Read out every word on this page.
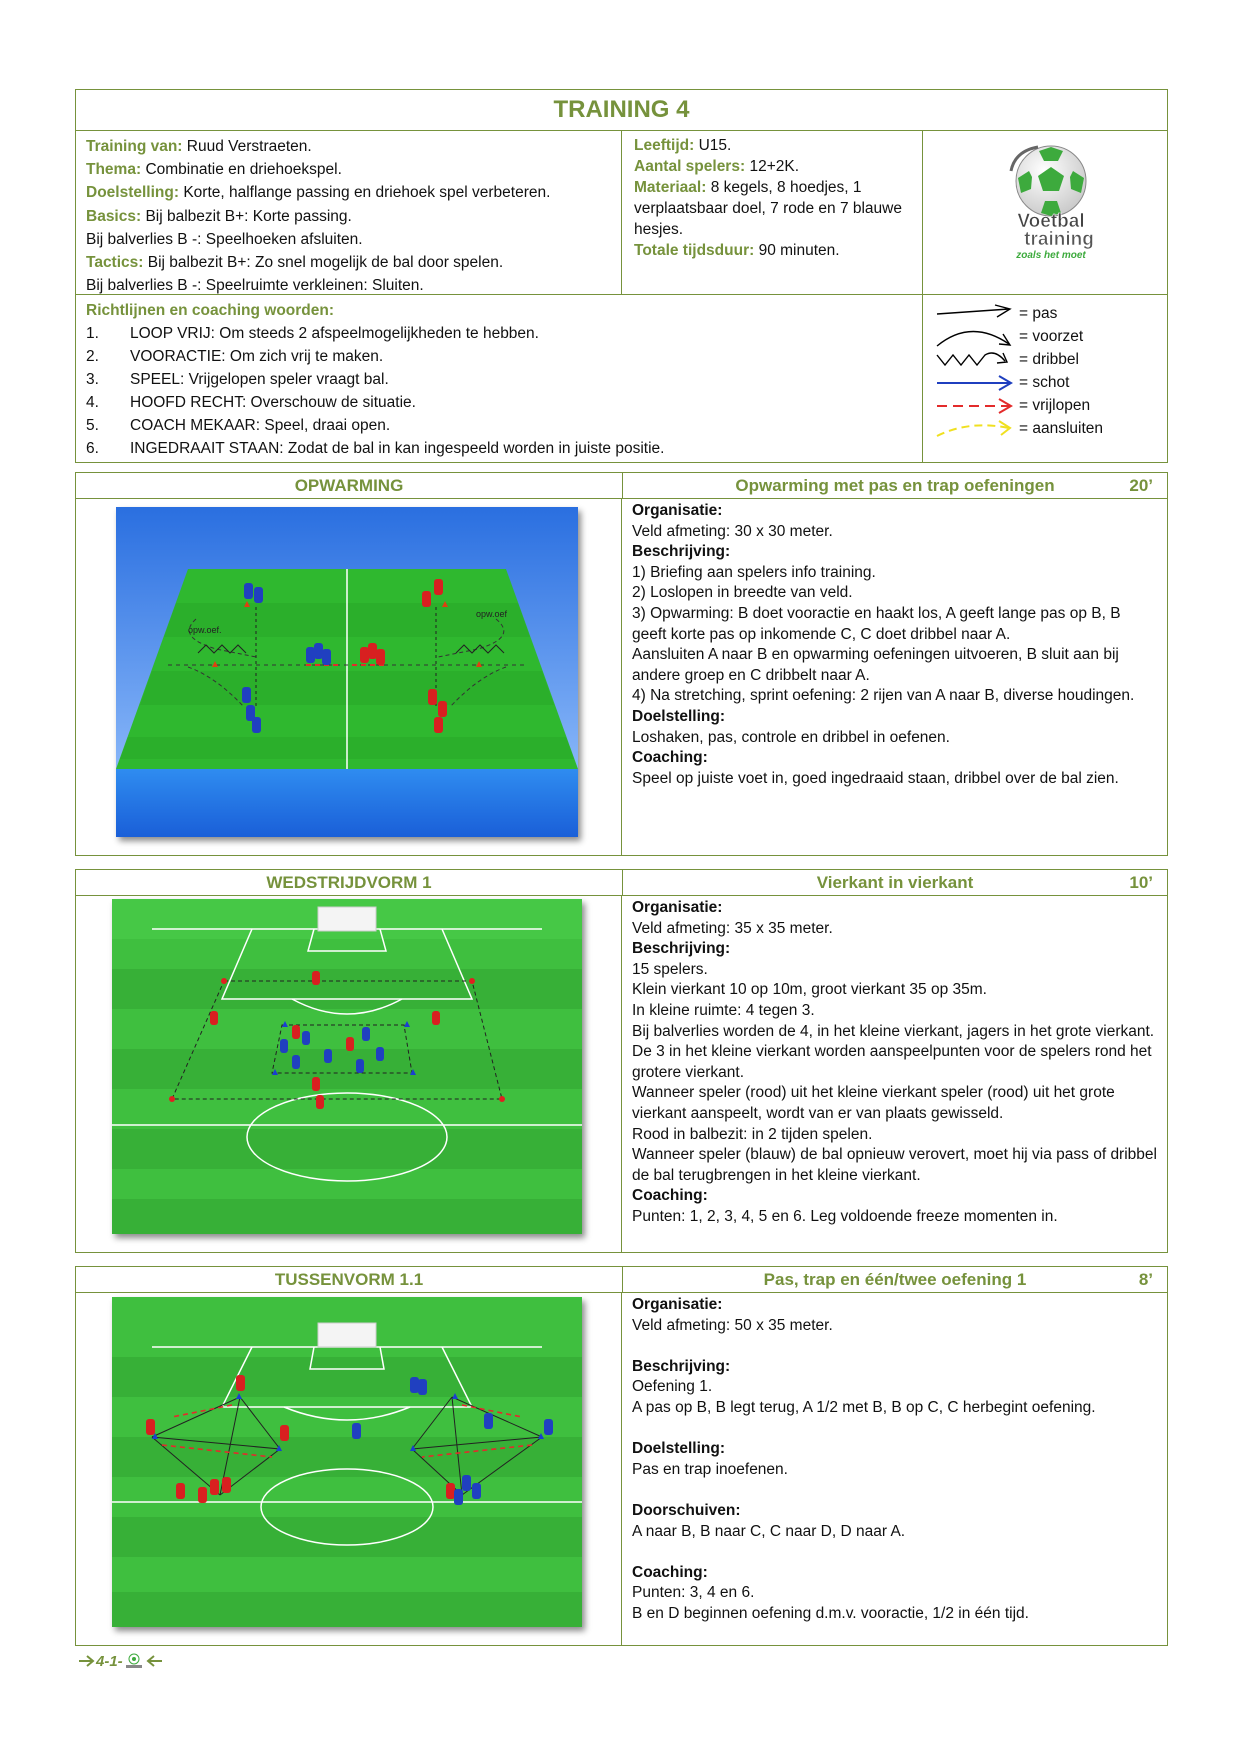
TRAINING 4
Training van: Ruud Verstraeten.
Thema: Combinatie en driehoekspel.
Doelstelling: Korte, halflange passing en driehoek spel verbeteren.
Basics: Bij balbezit B+: Korte passing.
Bij balverlies B -: Speelhoeken afsluiten.
Tactics: Bij balbezit B+: Zo snel mogelijk de bal door spelen.
Bij balverlies B -: Speelruimte verkleinen: Sluiten.
Leeftijd: U15.
Aantal spelers: 12+2K.
Materiaal: 8 kegels, 8 hoedjes, 1 verplaatsbaar doel, 7 rode en 7 blauwe hesjes.
Totale tijdsduur: 90 minuten.
Voetbal
training
zoals het moet
Richtlijnen en coaching woorden:
1.	LOOP VRIJ: Om steeds 2 afspeelmogelijkheden te hebben.
2.	VOORACTIE: Om zich vrij te maken.
3.	SPEEL: Vrijgelopen speler vraagt bal.
4.	HOOFD RECHT: Overschouw de situatie.
5.	COACH MEKAAR: Speel, draai open.
6.	INGEDRAAIT STAAN: Zodat de bal in kan ingespeeld worden in juiste positie.
= pas
= voorzet
= dribbel
= schot
= vrijlopen
= aansluiten
OPWARMING	Opwarming met pas en trap oefeningen	20’
opw.oef.
opw.oef

Organisatie:

Veld afmeting: 30 x 30 meter.

Beschrijving:

1) Briefing aan spelers info training.

2) Loslopen in breedte van veld.

3) Opwarming: B doet vooractie en haakt los, A geeft lange pas op B, B geeft korte pas op inkomende C, C doet dribbel naar A.

Aansluiten A naar B en opwarming oefeningen uitvoeren, B sluit aan bij andere groep en C dribbelt naar A.

4) Na stretching, sprint oefening: 2 rijen van A naar B, diverse houdingen.

Doelstelling:

Loshaken, pas, controle en dribbel in oefenen.

Coaching:

Speel op juiste voet in, goed ingedraaid staan, dribbel over de bal zien.

WEDSTRIJDVORM 1	Vierkant in vierkant	10’

Organisatie:

Veld afmeting: 35 x 35 meter.

Beschrijving:

15 spelers.

Klein vierkant 10 op 10m, groot vierkant 35 op 35m.

In kleine ruimte: 4 tegen 3.

Bij balverlies worden de 4, in het kleine vierkant, jagers in het grote vierkant.

De 3 in het kleine vierkant worden aanspeelpunten voor de spelers rond het grotere vierkant.

Wanneer speler (rood) uit het kleine vierkant speler (rood) uit het grote vierkant aanspeelt, wordt van er van plaats gewisseld.

Rood in balbezit: in 2 tijden spelen.

Wanneer speler (blauw) de bal opnieuw verovert, moet hij via pass of dribbel de bal terugbrengen in het kleine vierkant.

Coaching:

Punten: 1, 2, 3, 4, 5 en 6. Leg voldoende freeze momenten in.

TUSSENVORM 1.1	Pas, trap en één/twee oefening 1	8’

Organisatie:

Veld afmeting: 50 x 35 meter.

Beschrijving:

Oefening 1.

A pas op B, B legt terug, A 1/2 met B, B op C, C herbegint oefening.

Doelstelling:

Pas en trap inoefenen.

Doorschuiven:

A naar B, B naar C, C naar D, D naar A.

Coaching:

Punten: 3, 4 en 6.

B en D beginnen oefening d.m.v. vooractie, 1/2 in één tijd.

4-1-
